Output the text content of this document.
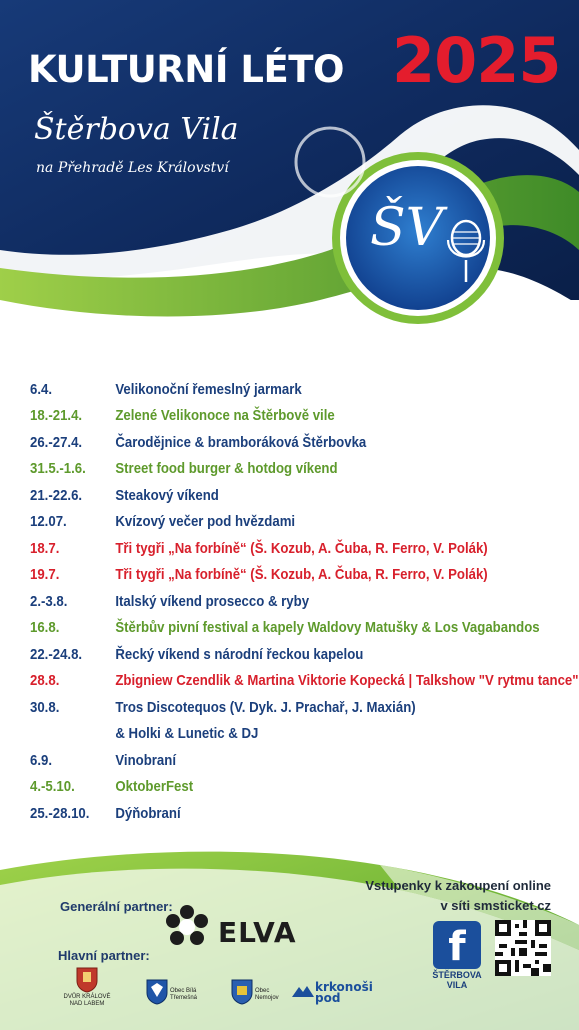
KULTURNÍ LÉTO 2025
Štěrbova Vila
na Přehradě Les Království
ŠV
6.4.	Velikonoční řemeslný jarmark
18.-21.4.	Zelené Velikonoce na Štěrbově vile
26.-27.4.	Čarodějnice & bramboráková Štěrbovka
31.5.-1.6.	Street food burger & hotdog víkend
21.-22.6.	Steakový víkend
12.07.	Kvízový večer pod hvězdami
18.7.	Tři tygři „Na forbíně“ (Š. Kozub, A. Čuba, R. Ferro, V. Polák)
19.7.	Tři tygři „Na forbíně“ (Š. Kozub, A. Čuba, R. Ferro, V. Polák)
2.-3.8.	Italský víkend prosecco & ryby
16.8.	Štěrbův pivní festival a kapely Waldovy Matušky & Los Vagabandos
22.-24.8.	Řecký víkend s národní řeckou kapelou
28.8.	Zbigniew Czendlik & Martina Viktorie Kopecká | Talkshow "V rytmu tance"
30.8.	Tros Discotequos (V. Dyk. J. Prachař, J. Maxián)
& Holki & Lunetic & DJ
6.9.	Vinobraní
4.-5.10.	OktoberFest
25.-28.10.	Dýňobraní
Vstupenky k zakoupení online
v síti smsticket.cz
Generální partner:
ELVA
Hlavní partner:
DVŮR KRÁLOVÉ NAD LABEM
Obec Bílá Třemešná
Obec Nemojov
krkonoši
pod
f
ŠTĚRBOVA
VILA
